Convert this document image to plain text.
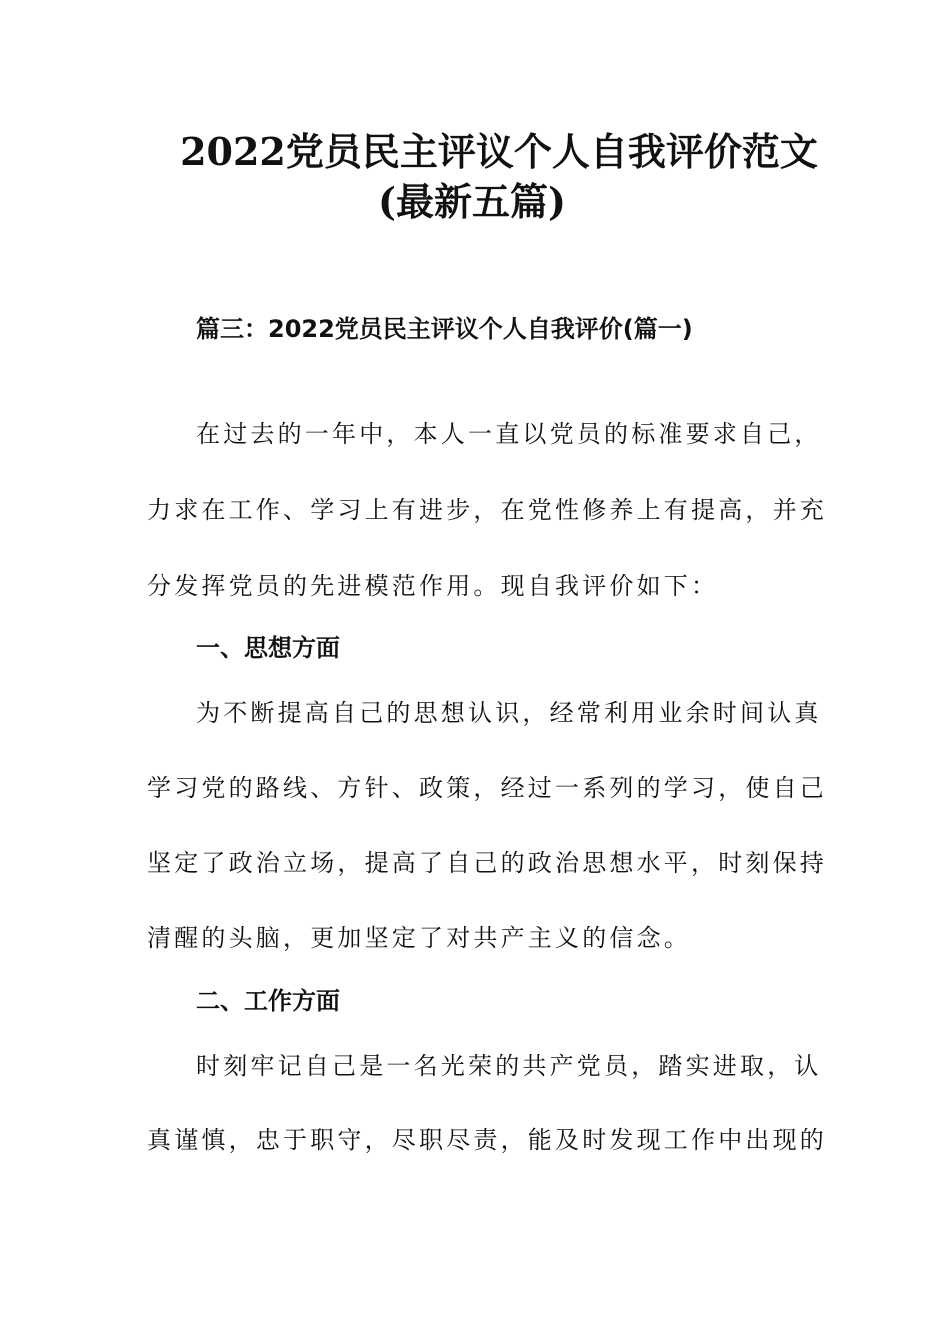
2022党员民主评议个人自我评价范文
(最新五篇)
篇三：2022党员民主评议个人自我评价(篇一)
在过去的一年中，本人一直以党员的标准要求自己，
力求在工作、学习上有进步，在党性修养上有提高，并充
分发挥党员的先进模范作用。现自我评价如下：
一、思想方面
为不断提高自己的思想认识，经常利用业余时间认真
学习党的路线、方针、政策，经过一系列的学习，使自己
坚定了政治立场，提高了自己的政治思想水平，时刻保持
清醒的头脑，更加坚定了对共产主义的信念。
二、工作方面
时刻牢记自己是一名光荣的共产党员，踏实进取，认
真谨慎，忠于职守，尽职尽责，能及时发现工作中出现的
